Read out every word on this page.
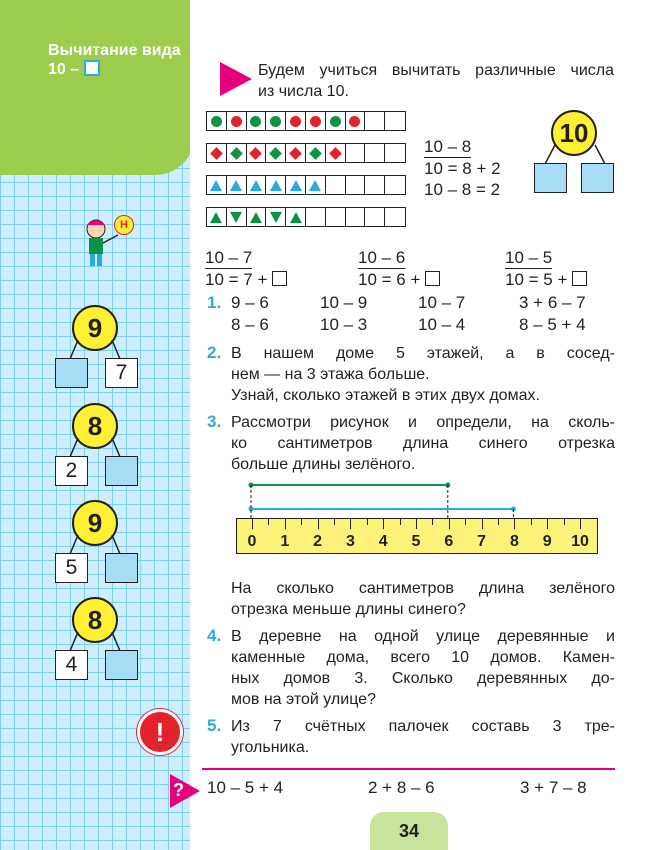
Вычитание вида
10 –
Н
9
7
8
2
9
5
8
4
!
Будем учиться вычитать различные числа
из числа 10.
10 – 8
10 = 8 + 2
10 – 8 = 2
10
$\frac{10 - 7}{10 = 7 +}$	$\frac{10 - 6}{10 = 6 +}$	$\frac{10 - 5}{10 = 5 +}$
1. 9 – 6	10 – 9	10 – 7	3 + 6 – 7
8 – 6	10 – 3	10 – 4	8 – 5 + 4
2. В нашем доме 5 этажей, а в сосед-
нем — на 3 этажа больше.
Узнай, сколько этажей в этих двух домах.
3. Рассмотри рисунок и определи, на сколь-
ко сантиметров длина синего отрезка
больше длины зелёного.
0	1	2	3	4	5	6	7	8	9	10
На сколько сантиметров длина зелёного
отрезка меньше длины синего?
4. В деревне на одной улице деревянные и
каменные дома, всего 10 домов. Камен-
ных домов 3. Сколько деревянных до-
мов на этой улице?
5. Из 7 счётных палочек составь 3 тре-
угольника.
? 10 – 5 + 4	2 + 8 – 6	3 + 7 – 8
34
